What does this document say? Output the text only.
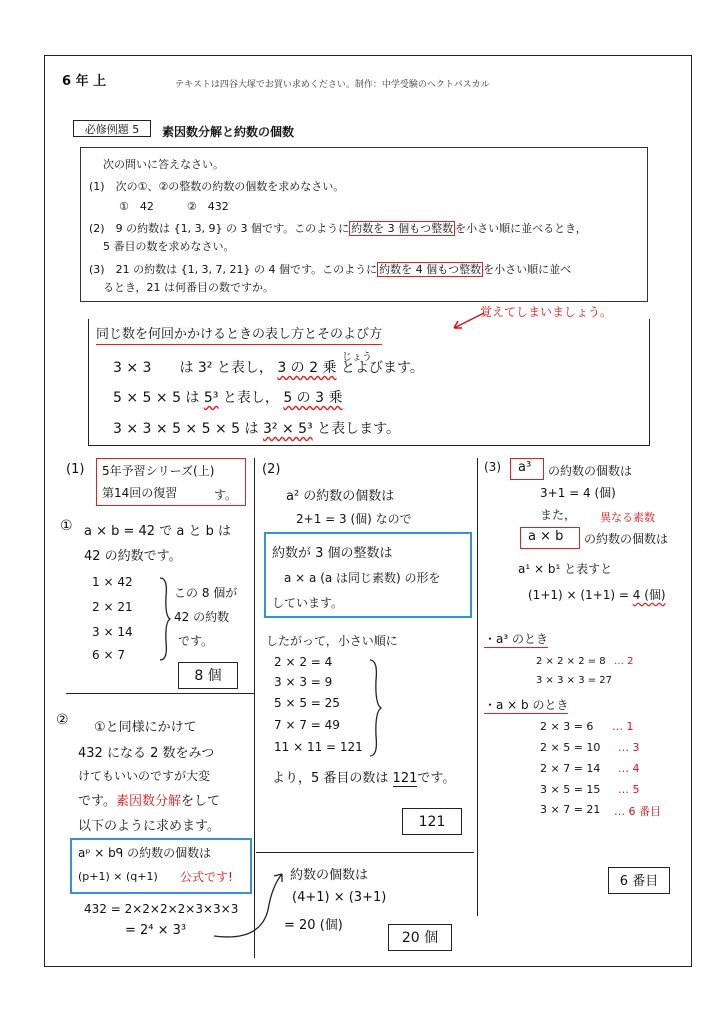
6 年 上	テキストは四谷大塚でお買い求めください。制作：中学受験のヘクトパスカル
必修例題 5	素因数分解と約数の個数
次の問いに答えなさい。
(1)　次の①、②の整数の約数の個数を求めなさい。
①　42　　　②　432
(2)　9 の約数は {1, 3, 9} の 3 個です。このように 約数を 3 個もつ整数 を小さい順に並べるとき，
5 番目の数を求めなさい。
(3)　21 の約数は {1, 3, 7, 21} の 4 個です。このように 約数を 4 個もつ整数 を小さい順に並べ
るとき，21 は何番目の数ですか。
覚えてしまいましょう。
同じ数を何回かかけるときの表し方とそのよび方
3 × 3　　は 3² と表し， 3 の 2 乗 とよびます。
じょう
5 × 5 × 5 は 5³ と表し， 5 の 3 乗
3 × 3 × 5 × 5 × 5 は 3² × 5³ と表します。
(1) 5年予習シリーズ(上)
第14回の復習	す。
① a × b = 42 で a と b は
42 の約数です。
1 × 42
2 × 21
3 × 14
6 × 7
この 8 個が
42 の約数
です。
8 個
② ①と同様にかけて
432 になる 2 数をみつ
けてもいいのですが大変
です。素因数分解をして
以下のように求めます。
aᵖ × bᑫ の約数の個数は
(p+1) × (q+1) 公式です!
432 = 2×2×2×2×3×3×3
= 2⁴ × 3³
(2)
a² の約数の個数は
2+1 = 3 (個) なので
約数が 3 個の整数は
a × a (a は同じ素数) の形を
しています。
したがって，小さい順に
2 × 2 = 4
3 × 3 = 9
5 × 5 = 25
7 × 7 = 49
11 × 11 = 121
より，5 番目の数は 121です。
121
約数の個数は
(4+1) × (3+1)
= 20 (個)
20 個
(3) a³ の約数の個数は
3+1 = 4 (個)
また， 異なる素数
a × b の約数の個数は
a¹ × b¹ と表すと
(1+1) × (1+1) = 4 (個)
・a³ のとき
2 × 2 × 2 = 8 … 2
3 × 3 × 3 = 27
・a × b のとき
2 × 3 = 6 … 1
2 × 5 = 10 … 3
2 × 7 = 14 … 4
3 × 5 = 15 … 5
3 × 7 = 21 … 6 番目
6 番目
